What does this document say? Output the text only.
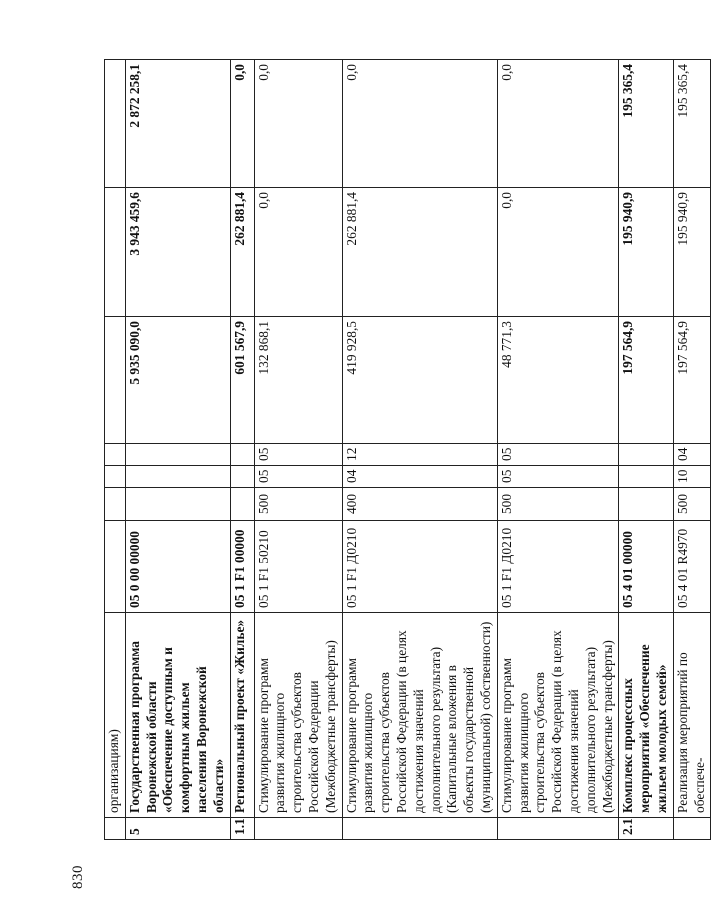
830
	организациям)							
5	Государственная программа Воронежской области «Обеспечение доступным и комфортным жильем населения Воронежской области»	05 0 00 00000				5 935 090,0	3 943 459,6	2 872 258,1
1.1	Региональный проект «Жилье»	05 1 F1 00000				601 567,9	262 881,4	0,0
	Стимулирование программ развития жилищного строительства субъектов Российской Федерации (Межбюджетные трансферты)	05 1 F1 50210	500	05	05	132 868,1	0,0	0,0
	Стимулирование программ развития жилищного строительства субъектов Российской Федерации (в целях достижения значений дополнительного результата) (Капитальные вложения в объекты государственной (муниципальной) собственности)	05 1 F1 Д0210	400	04	12	419 928,5	262 881,4	0,0
	Стимулирование программ развития жилищного строительства субъектов Российской Федерации (в целях достижения значений дополнительного результата) (Межбюджетные трансферты)	05 1 F1 Д0210	500	05	05	48 771,3	0,0	0,0
2.1	Комплекс процессных мероприятий «Обеспечение жильем молодых семей»	05 4 01 00000				197 564,9	195 940,9	195 365,4
	Реализация мероприятий по обеспече-	05 4 01 R4970	500	10	04	197 564,9	195 940,9	195 365,4
